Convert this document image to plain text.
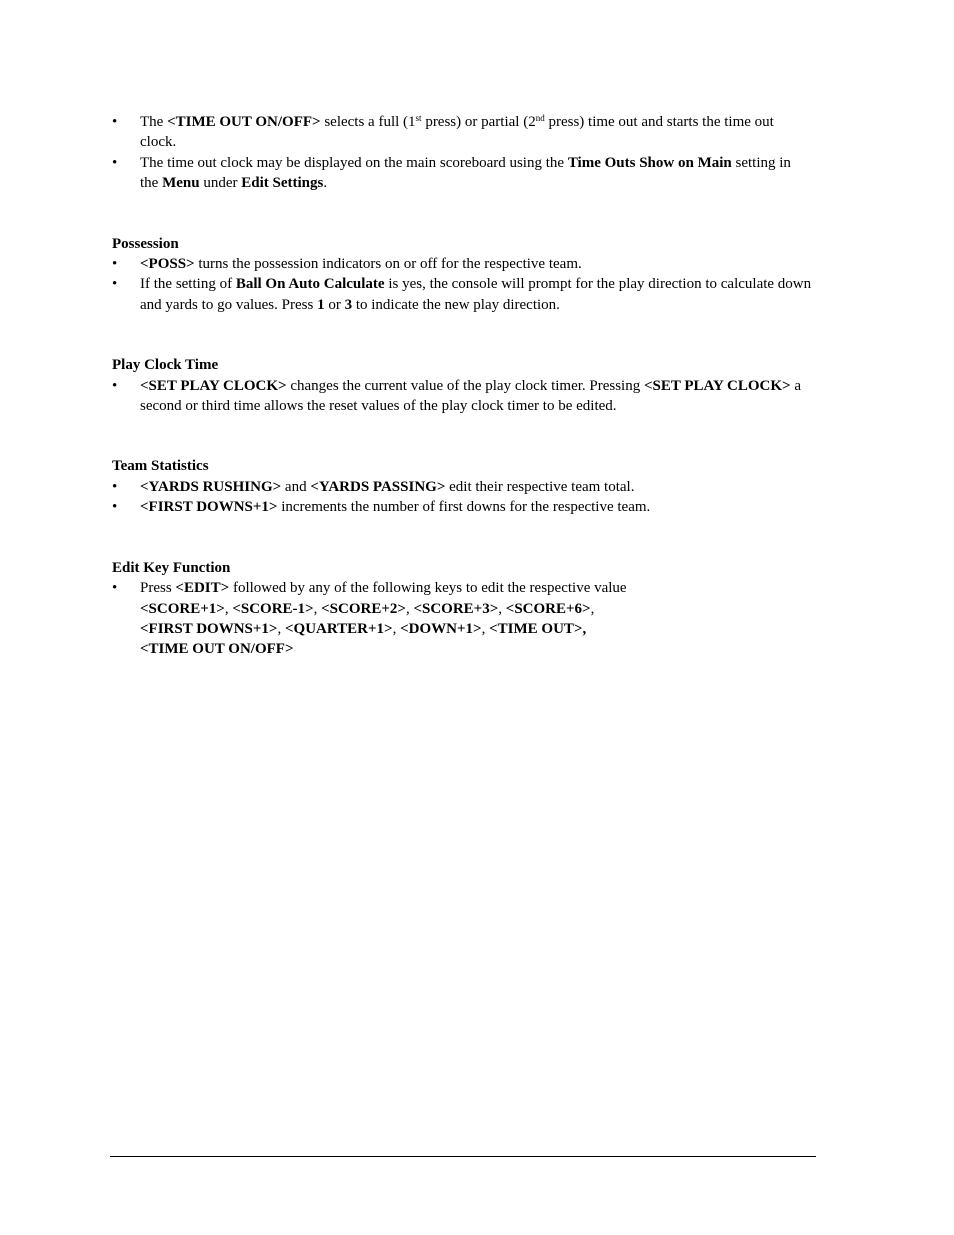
• The <TIME OUT ON/OFF> selects a full (1st press) or partial (2nd press) time out and starts the time out clock.
• The time out clock may be displayed on the main scoreboard using the Time Outs Show on Main setting in the Menu under Edit Settings.
Possession
• <POSS> turns the possession indicators on or off for the respective team.
• If the setting of Ball On Auto Calculate is yes, the console will prompt for the play direction to calculate down and yards to go values. Press 1 or 3 to indicate the new play direction.
Play Clock Time
• <SET PLAY CLOCK> changes the current value of the play clock timer. Pressing <SET PLAY CLOCK> a second or third time allows the reset values of the play clock timer to be edited.
Team Statistics
• <YARDS RUSHING> and <YARDS PASSING> edit their respective team total.
• <FIRST DOWNS+1> increments the number of first downs for the respective team.
Edit Key Function
• Press <EDIT> followed by any of the following keys to edit the respective value
<SCORE+1>, <SCORE-1>, <SCORE+2>, <SCORE+3>, <SCORE+6>,
<FIRST DOWNS+1>, <QUARTER+1>, <DOWN+1>, <TIME OUT>,
<TIME OUT ON/OFF>
